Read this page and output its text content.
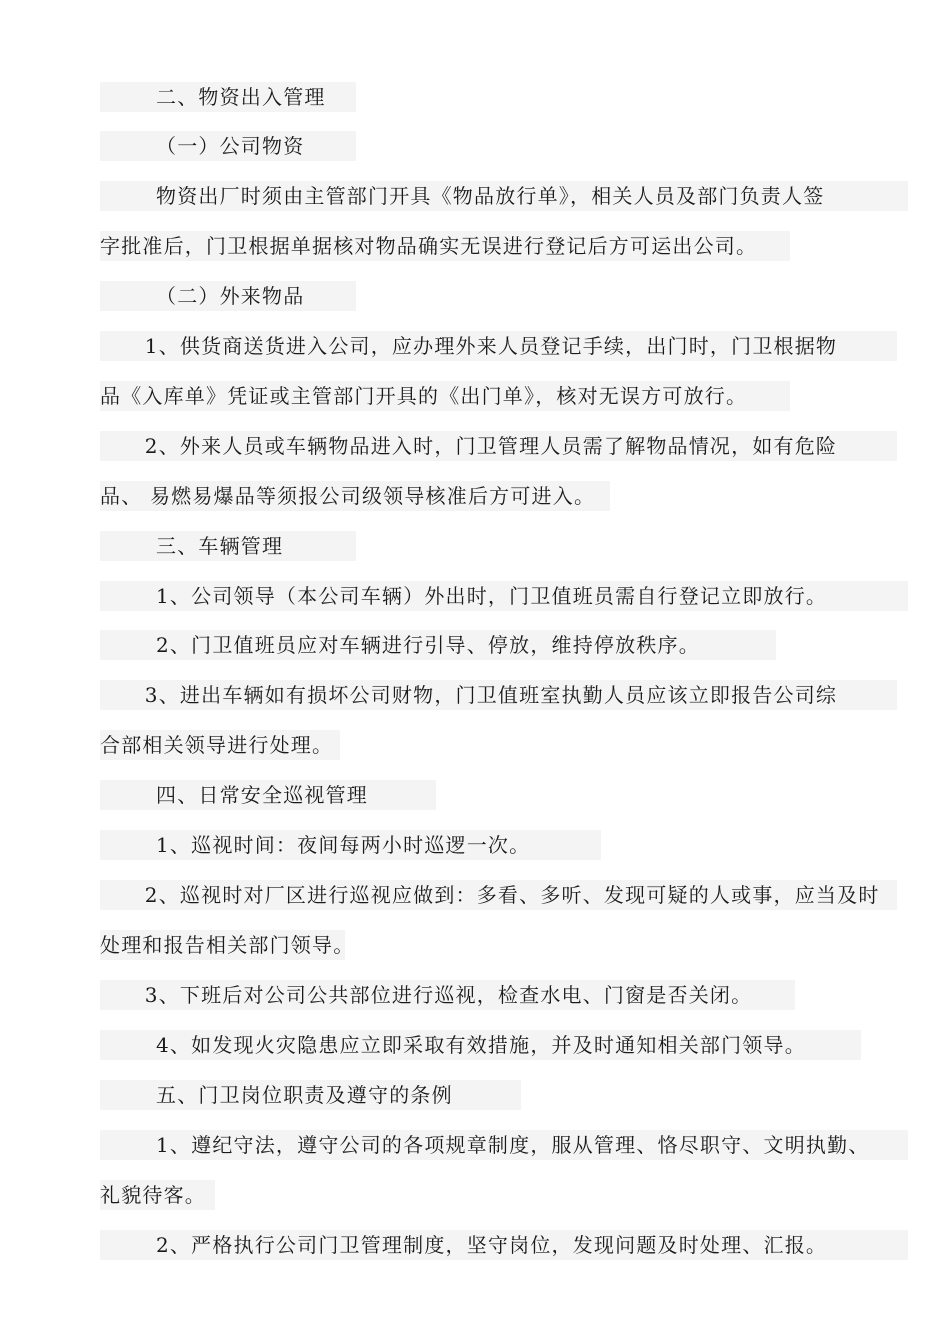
二、物资出入管理
（一）公司物资
物资出厂时须由主管部门开具《物品放行单》，相关人员及部门负责人签
字批准后，门卫根据单据核对物品确实无误进行登记后方可运出公司。
（二）外来物品
1、供货商送货进入公司，应办理外来人员登记手续，出门时，门卫根据物
品《入库单》凭证或主管部门开具的《出门单》，核对无误方可放行。
2、外来人员或车辆物品进入时，门卫管理人员需了解物品情况，如有危险
品、 易燃易爆品等须报公司级领导核准后方可进入。
三、车辆管理
1、公司领导（本公司车辆）外出时，门卫值班员需自行登记立即放行。
2、门卫值班员应对车辆进行引导、停放，维持停放秩序。
3、进出车辆如有损坏公司财物，门卫值班室执勤人员应该立即报告公司综
合部相关领导进行处理。
四、日常安全巡视管理
1、巡视时间：夜间每两小时巡逻一次。
2、巡视时对厂区进行巡视应做到：多看、多听、发现可疑的人或事，应当及时
处理和报告相关部门领导。
3、下班后对公司公共部位进行巡视，检查水电、门窗是否关闭。
4、如发现火灾隐患应立即采取有效措施，并及时通知相关部门领导。
五、门卫岗位职责及遵守的条例
1、遵纪守法，遵守公司的各项规章制度，服从管理、恪尽职守、文明执勤、
礼貌待客。
2、严格执行公司门卫管理制度，坚守岗位，发现问题及时处理、汇报。
